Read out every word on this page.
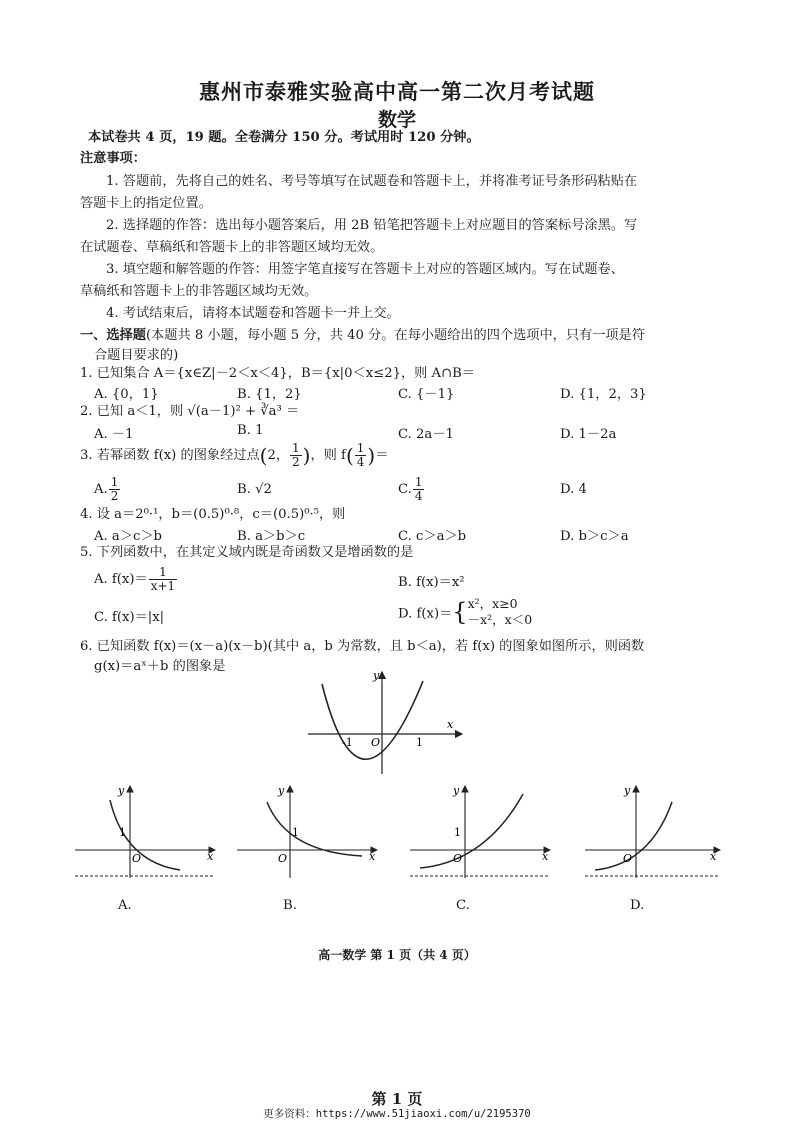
惠州市泰雅实验高中高一第二次月考试题
数学
本试卷共 4 页，19 题。全卷满分 150 分。考试用时 120 分钟。
注意事项：
1. 答题前，先将自己的姓名、考号等填写在试题卷和答题卡上，并将准考证号条形码粘贴在
答题卡上的指定位置。
2. 选择题的作答：选出每小题答案后，用 2B 铅笔把答题卡上对应题目的答案标号涂黑。写
在试题卷、草稿纸和答题卡上的非答题区域均无效。
3. 填空题和解答题的作答：用签字笔直接写在答题卡上对应的答题区域内。写在试题卷、
草稿纸和答题卡上的非答题区域均无效。
4. 考试结束后，请将本试题卷和答题卡一并上交。
一、选择题(本题共 8 小题，每小题 5 分，共 40 分。在每小题给出的四个选项中，只有一项是符
合题目要求的)
1. 已知集合 A＝{x∈Z|－2＜x＜4}，B＝{x|0＜x≤2}，则 A∩B＝
A. {0，1}	B. {1，2}	C. {－1}	D. {1，2，3}
2. 已知 a＜1，则 √(a－1)² + ∛a³ ＝
A. －1	B. 1	C. 2a－1	D. 1－2a
3. 若幂函数 f(x) 的图象经过点(2， $\frac{1}{2}$ )，则 $f( \frac{1}{4}$ )＝
A. $\frac{1}{2}$	B. √2	C. $\frac{1}{4}$	D. 4
4. 设 a＝2⁰·¹，b＝(0.5)⁰·⁸，c＝(0.5)⁰·⁵，则
A. a＞c＞b	B. a＞b＞c	C. c＞a＞b	D. b＞c＞a
5. 下列函数中，在其定义域内既是奇函数又是增函数的是
A. $f(x)= \frac{1}{x+1}$	B. f(x)＝x²
C. f(x)＝|x|	D. f(x)＝{ x²，x≥0
－x²，x＜0
6. 已知函数 f(x)＝(x－a)(x－b)(其中 a，b 为常数，且 b＜a)，若 f(x) 的图象如图所示，则函数
g(x)＝aˣ＋b 的图象是
x
y
O
-1	1
x
y
O
1
A.
x
y
O
1
B.
x
y
O
1
C.
x
y
O
D.
高一数学 第 1 页（共 4 页）
第 1 页
更多资料：https://www.51jiaoxi.com/u/2195370
